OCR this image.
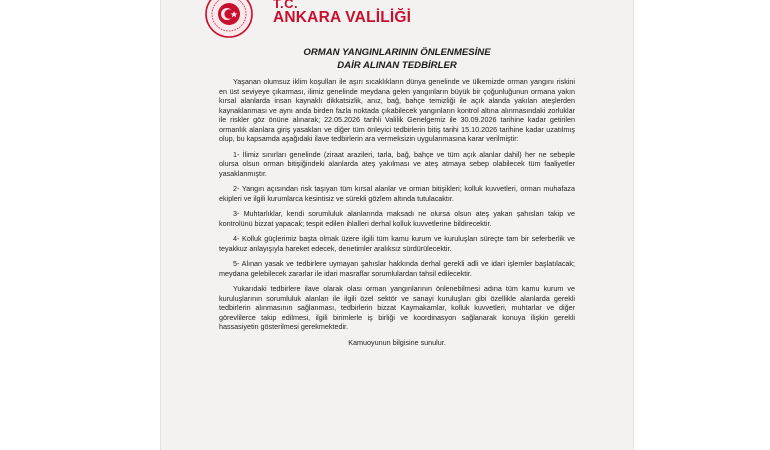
T.C.
ANKARA VALİLİĞİ
ORMAN YANGINLARININ ÖNLENMESİNE
DAİR ALINAN TEDBİRLER

Yaşanan olumsuz iklim koşulları ile aşırı sıcaklıkların dünya genelinde ve ülkemizde orman yangını riskini en üst seviyeye çıkarması, ilimiz genelinde meydana gelen yangınların büyük bir çoğunluğunun ormana yakın kırsal alanlarda insan kaynaklı dikkatsizlik, anız, bağ, bahçe temizliği ile açık alanda yakılan ateşlerden kaynaklanması ve aynı anda birden fazla noktada çıkabilecek yangınların kontrol altına alınmasındaki zorluklar ile riskler göz önüne alınarak; 22.05.2026 tarihli Valilik Genelgemiz ile 30.09.2026 tarihine kadar getirilen ormanlık alanlara giriş yasakları ve diğer tüm önleyici tedbirlerin bitiş tarihi 15.10.2026 tarihine kadar uzatılmış olup, bu kapsamda aşağıdaki ilave tedbirlerin ara vermeksizin uygulanmasına karar verilmiştir:

1- İlimiz sınırları genelinde (ziraat arazileri, tarla, bağ, bahçe ve tüm açık alanlar dahil) her ne sebeple olursa olsun orman bitişiğindeki alanlarda ateş yakılması ve ateş atmaya sebep olabilecek tüm faaliyetler yasaklanmıştır.

2- Yangın açısından risk taşıyan tüm kırsal alanlar ve orman bitişikleri; kolluk kuvvetleri, orman muhafaza ekipleri ve ilgili kurumlarca kesintisiz ve sürekli gözlem altında tutulacaktır.

3- Muhtarlıklar, kendi sorumluluk alanlarında maksadı ne olursa olsun ateş yakan şahısları takip ve kontrolünü bizzat yapacak; tespit edilen ihlalleri derhal kolluk kuvvetlerine bildirecektir.

4- Kolluk güçlerimiz başta olmak üzere ilgili tüm kamu kurum ve kuruluşları süreçte tam bir seferberlik ve teyakkuz anlayışıyla hareket edecek, denetimler aralıksız sürdürülecektir.

5- Alınan yasak ve tedbirlere uymayan şahıslar hakkında derhal gerekli adli ve idari işlemler başlatılacak; meydana gelebilecek zararlar ile idari masraflar sorumlulardan tahsil edilecektir.

Yukarıdaki tedbirlere ilave olarak olası orman yangınlarının önlenebilmesi adına tüm kamu kurum ve kuruluşlarının sorumluluk alanları ile ilgili özel sektör ve sanayi kuruluşları gibi özellikle alanlarda gerekli tedbirlerin alınmasının sağlanması, tedbirlerin bizzat Kaymakamlar, kolluk kuvvetleri, muhtarlar ve diğer görevlilerce takip edilmesi, ilgili birimlerle iş birliği ve koordinasyon sağlanarak konuya ilişkin gerekli hassasiyetin gösterilmesi gerekmektedir.

Kamuoyunun bilgisine sunulur.
